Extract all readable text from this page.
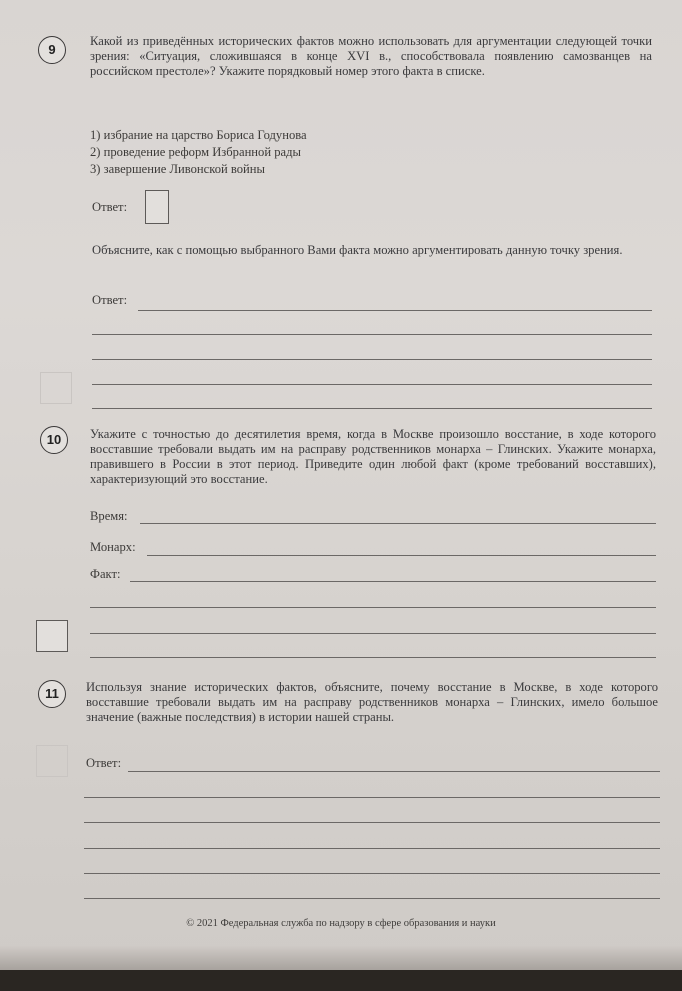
9

Какой из приведённых исторических фактов можно использовать для аргументации следующей точки зрения: «Ситуация, сложившаяся в конце XVI в., способствовала появлению самозванцев на российском престоле»? Укажите порядковый номер этого факта в списке.

1) избрание на царство Бориса Годунова

2) проведение реформ Избранной рады

3) завершение Ливонской войны

Ответ:

Объясните, как с помощью выбранного Вами факта можно аргументировать данную точку зрения.

Ответ:
10	Укажите с точностью до десятилетия время, когда в Москве произошло восстание, в ходе которого восставшие требовали выдать им на расправу родственников монарха – Глинских. Укажите монарха, правившего в России в этот период. Приведите один любой факт (кроме требований восставших), характеризующий это восстание.

Время:
Монарх:
Факт:
11	Используя знание исторических фактов, объясните, почему восстание в Москве, в ходе которого восставшие требовали выдать им на расправу родственников монарха – Глинских, имело большое значение (важные последствия) в истории нашей страны.

Ответ:
© 2021 Федеральная служба по надзору в сфере образования и науки
